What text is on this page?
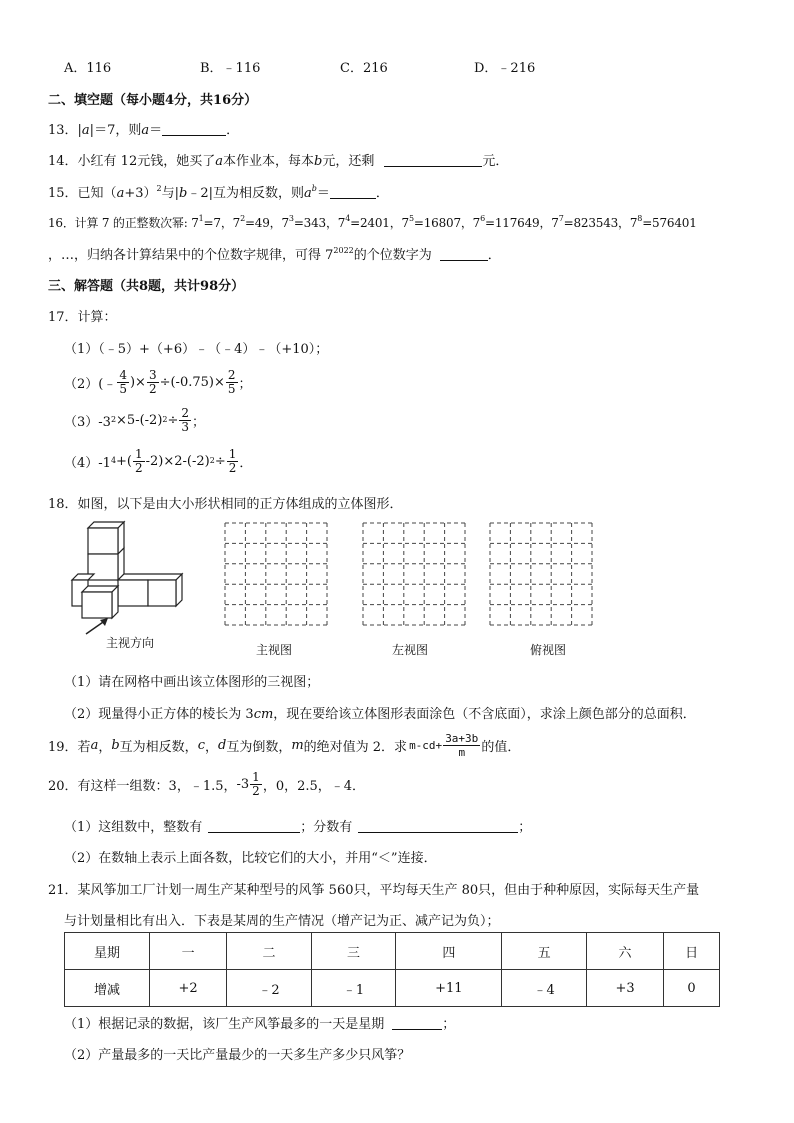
A．116	B．﹣116	C．216	D．﹣216
二、填空题（每小题4分，共16分）
13．|a|＝7，则a＝	．
14．小红有 12元钱，她买了a本作业本，每本b元，还剩	元．
15．已知$(a+3)^2$与|b﹣2|互为相反数，则$a^b=$	．
16．计算 7 的正整数次幂: $7^1=7$，$7^2=49$，$7^3=343$，$7^4=2401$，$7^5=16807$，$7^6=117649$，$7^7=823543$，$7^8=576401$
，…，归纳各计算结果中的个位数字规律，可得 $7^{2022}$的个位数字为	．
三、解答题（共8题，共计98分）
17．计算：
（1）（﹣5）+（+6）﹣（﹣4）﹣（+10）；
（2）(﹣ $\frac{4}{5}$ )× $\frac{3}{2} \div(-0.75)\times \frac{2}{5}$ ；
（3）-3 2 ×5-(-2) $2 \div \frac{2}{3}$ ；
（4）-1 4 +( $\frac{1}{2} -2)\times 2-(-2)$ $2 \div \frac{1}{2}$ ．
18．如图，以下是由大小形状相同的正方体组成的立体图形．
主视方向	主视图	左视图	俯视图
（1）请在网格中画出该立体图形的三视图；
（2）现量得小正方体的棱长为 3cm，现在要给该立体图形表面涂色（不含底面），求涂上颜色部分的总面积．
19． 若 a ， b 互为相反数， c ， d 互为倒数， m 的绝对值为 2．求 $m-cd+ \frac{3a+3b}{m}$ 的值．
20． 有这样一组数：3，﹣1.5， $-3 \frac{1}{2}$ ，0，2.5，﹣4．
（1）这组数中，整数有	；分数有	；
（2）在数轴上表示上面各数，比较它们的大小，并用“＜”连接．
21．某风筝加工厂计划一周生产某种型号的风筝 560只，平均每天生产 80只，但由于种种原因，实际每天生产量
与计划量相比有出入．下表是某周的生产情况（增产记为正、减产记为负）；
星期	一	二	三	四	五	六	日
增减	+2	﹣2	﹣1	+11	﹣4	+3	0
（1）根据记录的数据，该厂生产风筝最多的一天是星期	；
（2）产量最多的一天比产量最少的一天多生产多少只风筝？
